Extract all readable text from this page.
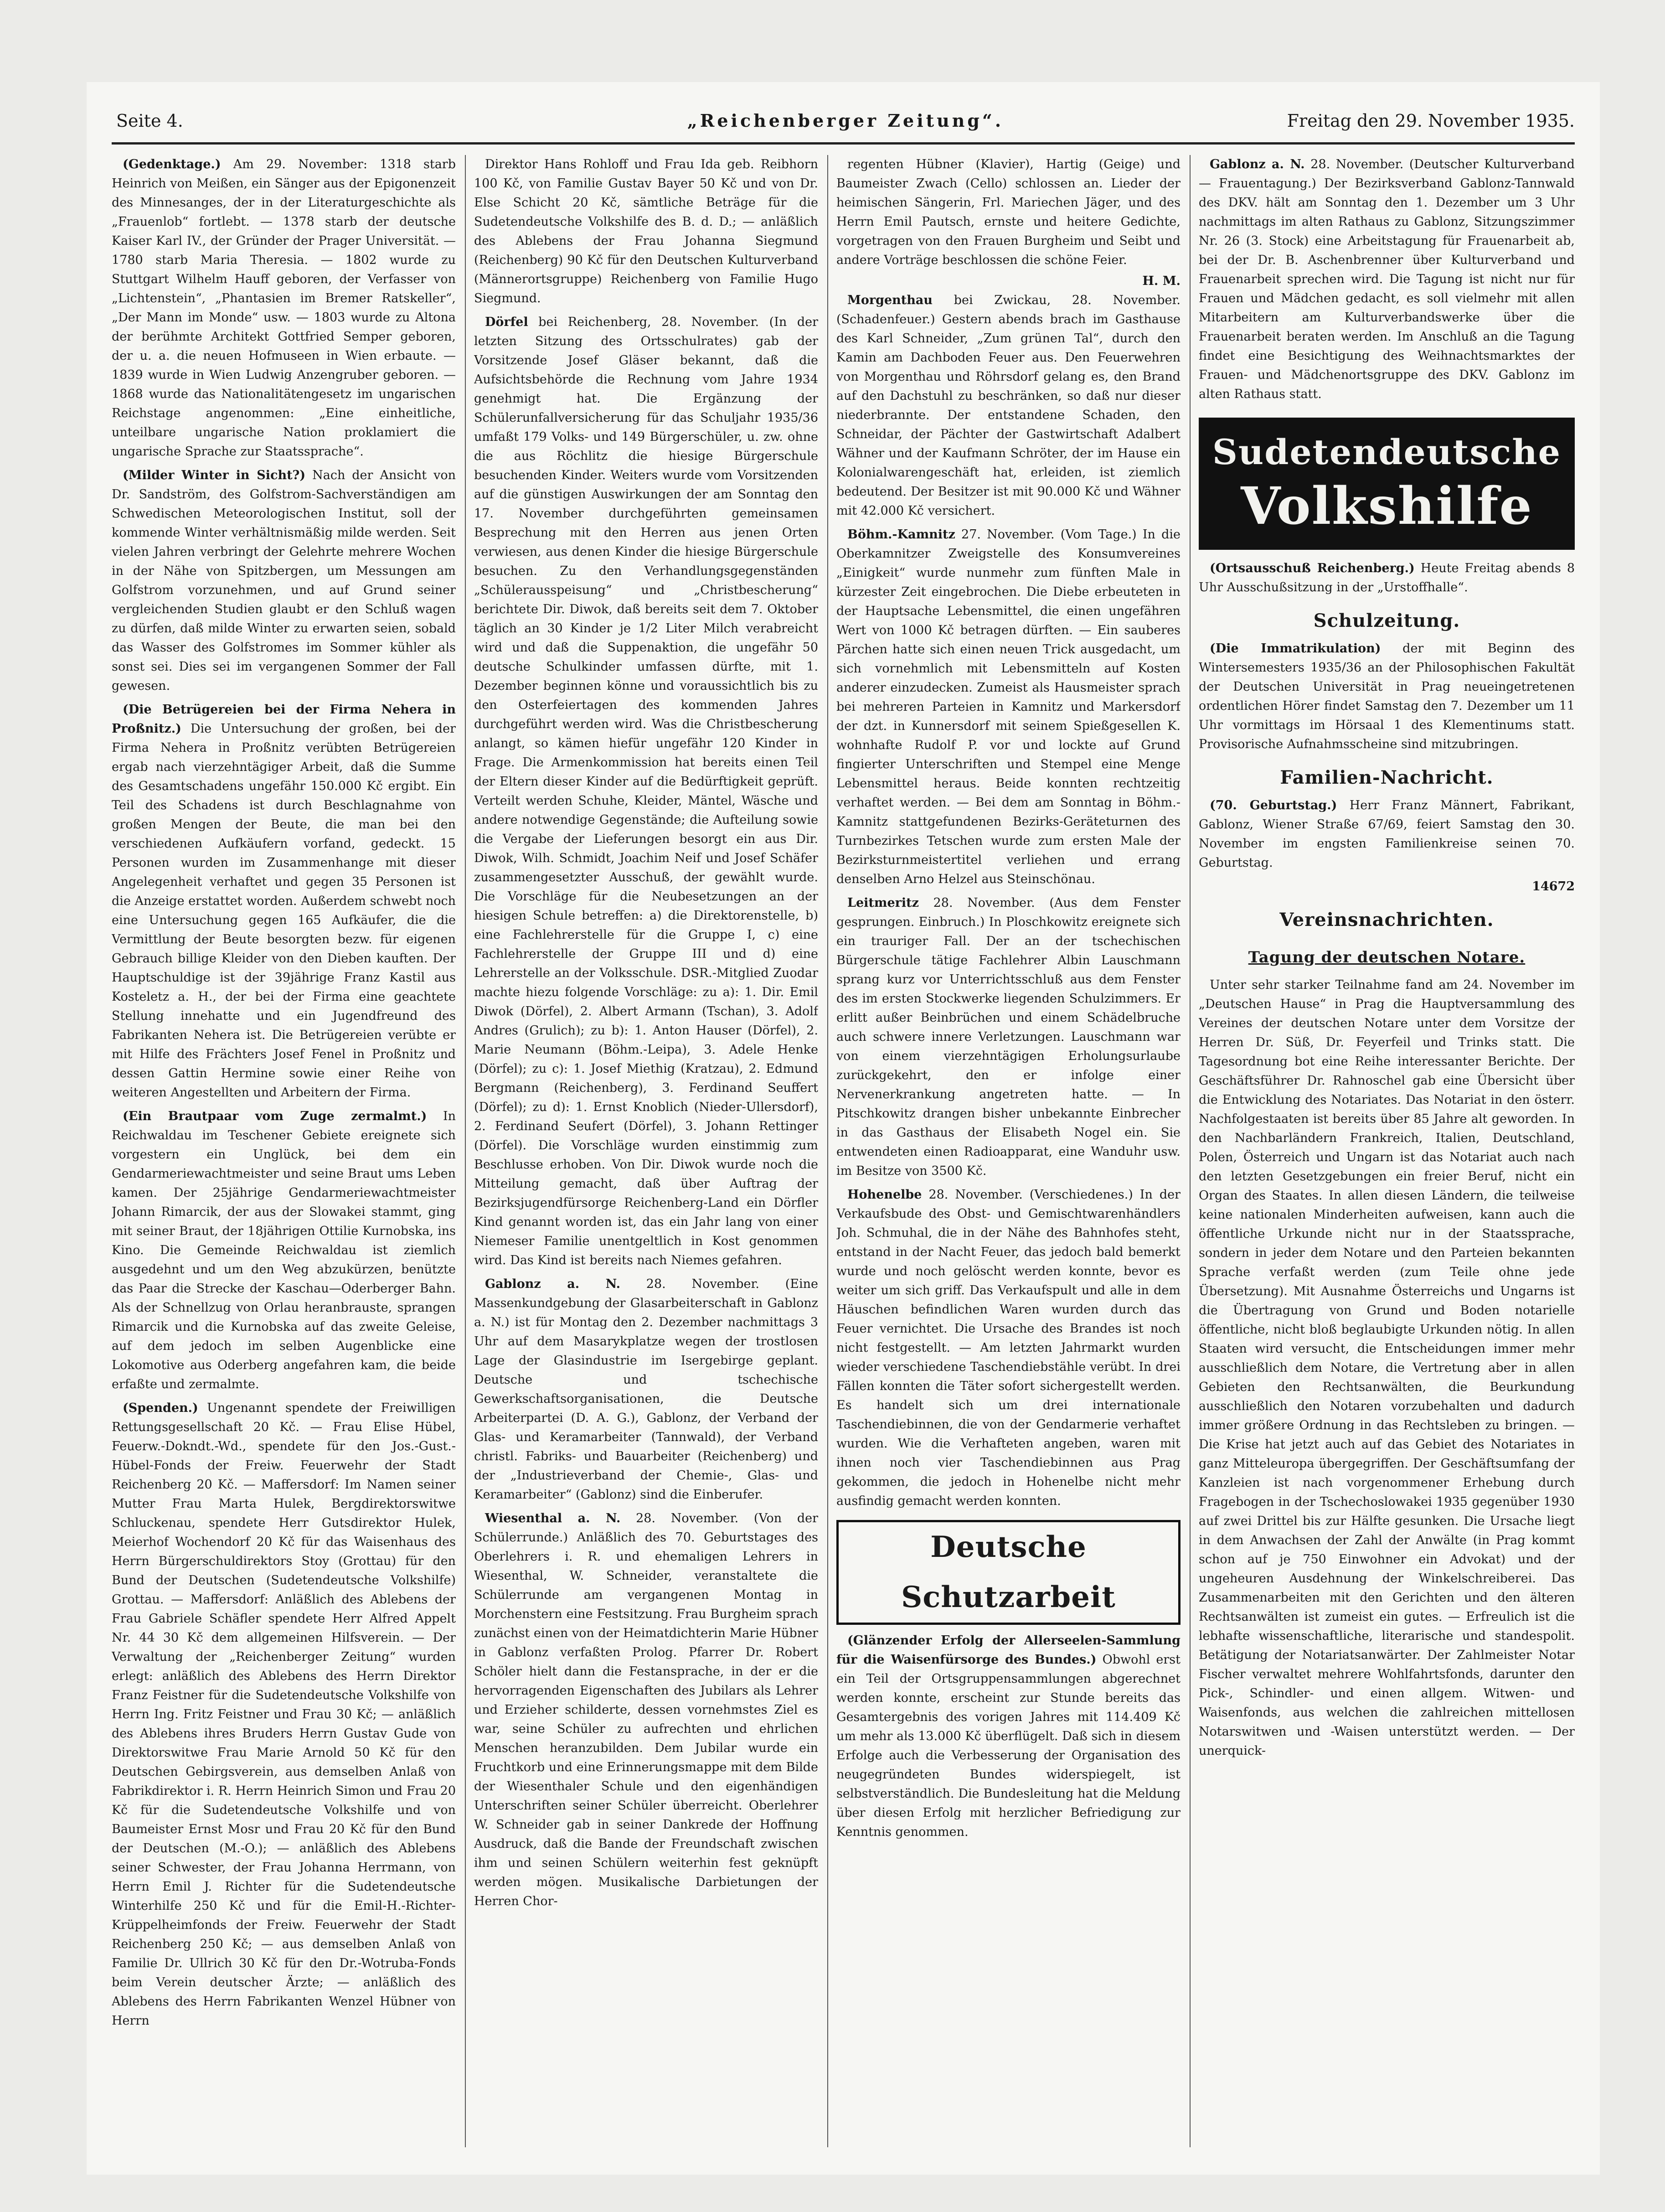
Seite 4.	„Reichenberger Zeitung“.	Freitag den 29. November 1935.

(Gedenktage.) Am 29. November: 1318 starb Heinrich von Meißen, ein Sänger aus der Epigonenzeit des Minnesanges, der in der Literaturgeschichte als „Frauenlob“ fortlebt. — 1378 starb der deutsche Kaiser Karl IV., der Gründer der Prager Universität. — 1780 starb Maria Theresia. — 1802 wurde zu Stuttgart Wilhelm Hauff geboren, der Verfasser von „Lichtenstein“, „Phantasien im Bremer Ratskeller“, „Der Mann im Monde“ usw. — 1803 wurde zu Altona der berühmte Architekt Gottfried Semper geboren, der u. a. die neuen Hofmuseen in Wien erbaute. — 1839 wurde in Wien Ludwig Anzengruber geboren. — 1868 wurde das Nationalitätengesetz im ungarischen Reichstage angenommen: „Eine einheitliche, unteilbare ungarische Nation proklamiert die ungarische Sprache zur Staatssprache“.

(Milder Winter in Sicht?) Nach der Ansicht von Dr. Sandström, des Golfstrom-Sachverständigen am Schwedischen Meteorologischen Institut, soll der kommende Winter verhältnismäßig milde werden. Seit vielen Jahren verbringt der Gelehrte mehrere Wochen in der Nähe von Spitzbergen, um Messungen am Golfstrom vorzunehmen, und auf Grund seiner vergleichenden Studien glaubt er den Schluß wagen zu dürfen, daß milde Winter zu erwarten seien, sobald das Wasser des Golfstromes im Sommer kühler als sonst sei. Dies sei im vergangenen Sommer der Fall gewesen.

(Die Betrügereien bei der Firma Nehera in Proßnitz.) Die Untersuchung der großen, bei der Firma Nehera in Proßnitz verübten Betrügereien ergab nach vierzehntägiger Arbeit, daß die Summe des Gesamtschadens ungefähr 150.000 Kč ergibt. Ein Teil des Schadens ist durch Beschlagnahme von großen Mengen der Beute, die man bei den verschiedenen Aufkäufern vorfand, gedeckt. 15 Personen wurden im Zusammenhange mit dieser Angelegenheit verhaftet und gegen 35 Personen ist die Anzeige erstattet worden. Außerdem schwebt noch eine Untersuchung gegen 165 Aufkäufer, die die Vermittlung der Beute besorgten bezw. für eigenen Gebrauch billige Kleider von den Dieben kauften. Der Hauptschuldige ist der 39jährige Franz Kastil aus Kosteletz a. H., der bei der Firma eine geachtete Stellung innehatte und ein Jugendfreund des Fabrikanten Nehera ist. Die Betrügereien verübte er mit Hilfe des Frächters Josef Fenel in Proßnitz und dessen Gattin Hermine sowie einer Reihe von weiteren Angestellten und Arbeitern der Firma.

(Ein Brautpaar vom Zuge zermalmt.) In Reichwaldau im Teschener Gebiete ereignete sich vorgestern ein Unglück, bei dem ein Gendarmeriewachtmeister und seine Braut ums Leben kamen. Der 25jährige Gendarmeriewachtmeister Johann Rimarcik, der aus der Slowakei stammt, ging mit seiner Braut, der 18jährigen Ottilie Kurnobska, ins Kino. Die Gemeinde Reichwaldau ist ziemlich ausgedehnt und um den Weg abzukürzen, benützte das Paar die Strecke der Kaschau—Oderberger Bahn. Als der Schnellzug von Orlau heranbrauste, sprangen Rimarcik und die Kurnobska auf das zweite Geleise, auf dem jedoch im selben Augenblicke eine Lokomotive aus Oderberg angefahren kam, die beide erfaßte und zermalmte.

(Spenden.) Ungenannt spendete der Freiwilligen Rettungsgesellschaft 20 Kč. — Frau Elise Hübel, Feuerw.-Dokndt.-Wd., spendete für den Jos.-Gust.-Hübel-Fonds der Freiw. Feuerwehr der Stadt Reichenberg 20 Kč. — Maffersdorf: Im Namen seiner Mutter Frau Marta Hulek, Bergdirektorswitwe Schluckenau, spendete Herr Gutsdirektor Hulek, Meierhof Wochendorf 20 Kč für das Waisenhaus des Herrn Bürgerschuldirektors Stoy (Grottau) für den Bund der Deutschen (Sudetendeutsche Volkshilfe) Grottau. — Maffersdorf: Anläßlich des Ablebens der Frau Gabriele Schäfler spendete Herr Alfred Appelt Nr. 44 30 Kč dem allgemeinen Hilfsverein. — Der Verwaltung der „Reichenberger Zeitung“ wurden erlegt: anläßlich des Ablebens des Herrn Direktor Franz Feistner für die Sudetendeutsche Volkshilfe von Herrn Ing. Fritz Feistner und Frau 30 Kč; — anläßlich des Ablebens ihres Bruders Herrn Gustav Gude von Direktorswitwe Frau Marie Arnold 50 Kč für den Deutschen Gebirgsverein, aus demselben Anlaß von Fabrikdirektor i. R. Herrn Heinrich Simon und Frau 20 Kč für die Sudetendeutsche Volkshilfe und von Baumeister Ernst Mosr und Frau 20 Kč für den Bund der Deutschen (M.-O.); — anläßlich des Ablebens seiner Schwester, der Frau Johanna Herrmann, von Herrn Emil J. Richter für die Sudetendeutsche Winterhilfe 250 Kč und für die Emil-H.-Richter-Krüppelheimfonds der Freiw. Feuerwehr der Stadt Reichenberg 250 Kč; — aus demselben Anlaß von Familie Dr. Ullrich 30 Kč für den Dr.-Wotruba-Fonds beim Verein deutscher Ärzte; — anläßlich des Ablebens des Herrn Fabrikanten Wenzel Hübner von Herrn

Direktor Hans Rohloff und Frau Ida geb. Reibhorn 100 Kč, von Familie Gustav Bayer 50 Kč und von Dr. Else Schicht 20 Kč, sämtliche Beträge für die Sudetendeutsche Volkshilfe des B. d. D.; — anläßlich des Ablebens der Frau Johanna Siegmund (Reichenberg) 90 Kč für den Deutschen Kulturverband (Männerortsgruppe) Reichenberg von Familie Hugo Siegmund.

Dörfel bei Reichenberg, 28. November. (In der letzten Sitzung des Ortsschulrates) gab der Vorsitzende Josef Gläser bekannt, daß die Aufsichtsbehörde die Rechnung vom Jahre 1934 genehmigt hat. Die Ergänzung der Schülerunfallversicherung für das Schuljahr 1935/36 umfaßt 179 Volks- und 149 Bürgerschüler, u. zw. ohne die aus Röchlitz die hiesige Bürgerschule besuchenden Kinder. Weiters wurde vom Vorsitzenden auf die günstigen Auswirkungen der am Sonntag den 17. November durchgeführten gemeinsamen Besprechung mit den Herren aus jenen Orten verwiesen, aus denen Kinder die hiesige Bürgerschule besuchen. Zu den Verhandlungsgegenständen „Schülerausspeisung“ und „Christbescherung“ berichtete Dir. Diwok, daß bereits seit dem 7. Oktober täglich an 30 Kinder je 1/2 Liter Milch verabreicht wird und daß die Suppenaktion, die ungefähr 50 deutsche Schulkinder umfassen dürfte, mit 1. Dezember beginnen könne und voraussichtlich bis zu den Osterfeiertagen des kommenden Jahres durchgeführt werden wird. Was die Christbescherung anlangt, so kämen hiefür ungefähr 120 Kinder in Frage. Die Armenkommission hat bereits einen Teil der Eltern dieser Kinder auf die Bedürftigkeit geprüft. Verteilt werden Schuhe, Kleider, Mäntel, Wäsche und andere notwendige Gegenstände; die Aufteilung sowie die Vergabe der Lieferungen besorgt ein aus Dir. Diwok, Wilh. Schmidt, Joachim Neif und Josef Schäfer zusammengesetzter Ausschuß, der gewählt wurde. Die Vorschläge für die Neubesetzungen an der hiesigen Schule betreffen: a) die Direktorenstelle, b) eine Fachlehrerstelle für die Gruppe I, c) eine Fachlehrerstelle der Gruppe III und d) eine Lehrerstelle an der Volksschule. DSR.-Mitglied Zuodar machte hiezu folgende Vorschläge: zu a): 1. Dir. Emil Diwok (Dörfel), 2. Albert Armann (Tschan), 3. Adolf Andres (Grulich); zu b): 1. Anton Hauser (Dörfel), 2. Marie Neumann (Böhm.-Leipa), 3. Adele Henke (Dörfel); zu c): 1. Josef Miethig (Kratzau), 2. Edmund Bergmann (Reichenberg), 3. Ferdinand Seuffert (Dörfel); zu d): 1. Ernst Knoblich (Nieder-Ullersdorf), 2. Ferdinand Seufert (Dörfel), 3. Johann Rettinger (Dörfel). Die Vorschläge wurden einstimmig zum Beschlusse erhoben. Von Dir. Diwok wurde noch die Mitteilung gemacht, daß über Auftrag der Bezirksjugendfürsorge Reichenberg-Land ein Dörfler Kind genannt worden ist, das ein Jahr lang von einer Niemeser Familie unentgeltlich in Kost genommen wird. Das Kind ist bereits nach Niemes gefahren.

Gablonz a. N. 28. November. (Eine Massenkundgebung der Glasarbeiterschaft in Gablonz a. N.) ist für Montag den 2. Dezember nachmittags 3 Uhr auf dem Masarykplatze wegen der trostlosen Lage der Glasindustrie im Isergebirge geplant. Deutsche und tschechische Gewerkschaftsorganisationen, die Deutsche Arbeiterpartei (D. A. G.), Gablonz, der Verband der Glas- und Keramarbeiter (Tannwald), der Verband christl. Fabriks- und Bauarbeiter (Reichenberg) und der „Industrieverband der Chemie-, Glas- und Keramarbeiter“ (Gablonz) sind die Einberufer.

Wiesenthal a. N. 28. November. (Von der Schülerrunde.) Anläßlich des 70. Geburtstages des Oberlehrers i. R. und ehemaligen Lehrers in Wiesenthal, W. Schneider, veranstaltete die Schülerrunde am vergangenen Montag in Morchenstern eine Festsitzung. Frau Burgheim sprach zunächst einen von der Heimatdichterin Marie Hübner in Gablonz verfaßten Prolog. Pfarrer Dr. Robert Schöler hielt dann die Festansprache, in der er die hervorragenden Eigenschaften des Jubilars als Lehrer und Erzieher schilderte, dessen vornehmstes Ziel es war, seine Schüler zu aufrechten und ehrlichen Menschen heranzubilden. Dem Jubilar wurde ein Fruchtkorb und eine Erinnerungsmappe mit dem Bilde der Wiesenthaler Schule und den eigenhändigen Unterschriften seiner Schüler überreicht. Oberlehrer W. Schneider gab in seiner Dankrede der Hoffnung Ausdruck, daß die Bande der Freundschaft zwischen ihm und seinen Schülern weiterhin fest geknüpft werden mögen. Musikalische Darbietungen der Herren Chor-

regenten Hübner (Klavier), Hartig (Geige) und Baumeister Zwach (Cello) schlossen an. Lieder der heimischen Sängerin, Frl. Mariechen Jäger, und des Herrn Emil Pautsch, ernste und heitere Gedichte, vorgetragen von den Frauen Burgheim und Seibt und andere Vorträge beschlossen die schöne Feier.

H. M.

Morgenthau bei Zwickau, 28. November. (Schadenfeuer.) Gestern abends brach im Gasthause des Karl Schneider, „Zum grünen Tal“, durch den Kamin am Dachboden Feuer aus. Den Feuerwehren von Morgenthau und Röhrsdorf gelang es, den Brand auf den Dachstuhl zu beschränken, so daß nur dieser niederbrannte. Der entstandene Schaden, den Schneidar, der Pächter der Gastwirtschaft Adalbert Wähner und der Kaufmann Schröter, der im Hause ein Kolonialwarengeschäft hat, erleiden, ist ziemlich bedeutend. Der Besitzer ist mit 90.000 Kč und Wähner mit 42.000 Kč versichert.

Böhm.-Kamnitz 27. November. (Vom Tage.) In die Oberkamnitzer Zweigstelle des Konsumvereines „Einigkeit“ wurde nunmehr zum fünften Male in kürzester Zeit eingebrochen. Die Diebe erbeuteten in der Hauptsache Lebensmittel, die einen ungefähren Wert von 1000 Kč betragen dürften. — Ein sauberes Pärchen hatte sich einen neuen Trick ausgedacht, um sich vornehmlich mit Lebensmitteln auf Kosten anderer einzudecken. Zumeist als Hausmeister sprach bei mehreren Parteien in Kamnitz und Markersdorf der dzt. in Kunnersdorf mit seinem Spießgesellen K. wohnhafte Rudolf P. vor und lockte auf Grund fingierter Unterschriften und Stempel eine Menge Lebensmittel heraus. Beide konnten rechtzeitig verhaftet werden. — Bei dem am Sonntag in Böhm.-Kamnitz stattgefundenen Bezirks-Geräteturnen des Turnbezirkes Tetschen wurde zum ersten Male der Bezirksturnmeistertitel verliehen und errang denselben Arno Helzel aus Steinschönau.

Leitmeritz 28. November. (Aus dem Fenster gesprungen. Einbruch.) In Ploschkowitz ereignete sich ein trauriger Fall. Der an der tschechischen Bürgerschule tätige Fachlehrer Albin Lauschmann sprang kurz vor Unterrichtsschluß aus dem Fenster des im ersten Stockwerke liegenden Schulzimmers. Er erlitt außer Beinbrüchen und einem Schädelbruche auch schwere innere Verletzungen. Lauschmann war von einem vierzehntägigen Erholungsurlaube zurückgekehrt, den er infolge einer Nervenerkrankung angetreten hatte. — In Pitschkowitz drangen bisher unbekannte Einbrecher in das Gasthaus der Elisabeth Nogel ein. Sie entwendeten einen Radioapparat, eine Wanduhr usw. im Besitze von 3500 Kč.

Hohenelbe 28. November. (Verschiedenes.) In der Verkaufsbude des Obst- und Gemischtwarenhändlers Joh. Schmuhal, die in der Nähe des Bahnhofes steht, entstand in der Nacht Feuer, das jedoch bald bemerkt wurde und noch gelöscht werden konnte, bevor es weiter um sich griff. Das Verkaufspult und alle in dem Häuschen befindlichen Waren wurden durch das Feuer vernichtet. Die Ursache des Brandes ist noch nicht festgestellt. — Am letzten Jahrmarkt wurden wieder verschiedene Taschendiebstähle verübt. In drei Fällen konnten die Täter sofort sichergestellt werden. Es handelt sich um drei internationale Taschendiebinnen, die von der Gendarmerie verhaftet wurden. Wie die Verhafteten angeben, waren mit ihnen noch vier Taschendiebinnen aus Prag gekommen, die jedoch in Hohenelbe nicht mehr ausfindig gemacht werden konnten.

Deutsche Schutzarbeit

(Glänzender Erfolg der Allerseelen-Sammlung für die Waisenfürsorge des Bundes.) Obwohl erst ein Teil der Ortsgruppensammlungen abgerechnet werden konnte, erscheint zur Stunde bereits das Gesamtergebnis des vorigen Jahres mit 114.409 Kč um mehr als 13.000 Kč überflügelt. Daß sich in diesem Erfolge auch die Verbesserung der Organisation des neugegründeten Bundes widerspiegelt, ist selbstverständlich. Die Bundesleitung hat die Meldung über diesen Erfolg mit herzlicher Befriedigung zur Kenntnis genommen.

Gablonz a. N. 28. November. (Deutscher Kulturverband — Frauentagung.) Der Bezirksverband Gablonz-Tannwald des DKV. hält am Sonntag den 1. Dezember um 3 Uhr nachmittags im alten Rathaus zu Gablonz, Sitzungszimmer Nr. 26 (3. Stock) eine Arbeitstagung für Frauenarbeit ab, bei der Dr. B. Aschenbrenner über Kulturverband und Frauenarbeit sprechen wird. Die Tagung ist nicht nur für Frauen und Mädchen gedacht, es soll vielmehr mit allen Mitarbeitern am Kulturverbandswerke über die Frauenarbeit beraten werden. Im Anschluß an die Tagung findet eine Besichtigung des Weihnachtsmarktes der Frauen- und Mädchenortsgruppe des DKV. Gablonz im alten Rathaus statt.

Sudetendeutsche
Volkshilfe

(Ortsausschuß Reichenberg.) Heute Freitag abends 8 Uhr Ausschußsitzung in der „Urstoffhalle“.

Schulzeitung.

(Die Immatrikulation) der mit Beginn des Wintersemesters 1935/36 an der Philosophischen Fakultät der Deutschen Universität in Prag neueingetretenen ordentlichen Hörer findet Samstag den 7. Dezember um 11 Uhr vormittags im Hörsaal 1 des Klementinums statt. Provisorische Aufnahmsscheine sind mitzubringen.

Familien-Nachricht.

(70. Geburtstag.) Herr Franz Männert, Fabrikant, Gablonz, Wiener Straße 67/69, feiert Samstag den 30. November im engsten Familienkreise seinen 70. Geburtstag.

14672
Vereinsnachrichten.
Tagung der deutschen Notare.

Unter sehr starker Teilnahme fand am 24. November im „Deutschen Hause“ in Prag die Hauptversammlung des Vereines der deutschen Notare unter dem Vorsitze der Herren Dr. Süß, Dr. Feyerfeil und Trinks statt. Die Tagesordnung bot eine Reihe interessanter Berichte. Der Geschäftsführer Dr. Rahnoschel gab eine Übersicht über die Entwicklung des Notariates. Das Notariat in den österr. Nachfolgestaaten ist bereits über 85 Jahre alt geworden. In den Nachbarländern Frankreich, Italien, Deutschland, Polen, Österreich und Ungarn ist das Notariat auch nach den letzten Gesetzgebungen ein freier Beruf, nicht ein Organ des Staates. In allen diesen Ländern, die teilweise keine nationalen Minderheiten aufweisen, kann auch die öffentliche Urkunde nicht nur in der Staatssprache, sondern in jeder dem Notare und den Parteien bekannten Sprache verfaßt werden (zum Teile ohne jede Übersetzung). Mit Ausnahme Österreichs und Ungarns ist die Übertragung von Grund und Boden notarielle öffentliche, nicht bloß beglaubigte Urkunden nötig. In allen Staaten wird versucht, die Entscheidungen immer mehr ausschließlich dem Notare, die Vertretung aber in allen Gebieten den Rechtsanwälten, die Beurkundung ausschließlich den Notaren vorzubehalten und dadurch immer größere Ordnung in das Rechtsleben zu bringen. — Die Krise hat jetzt auch auf das Gebiet des Notariates in ganz Mitteleuropa übergegriffen. Der Geschäftsumfang der Kanzleien ist nach vorgenommener Erhebung durch Fragebogen in der Tschechoslowakei 1935 gegenüber 1930 auf zwei Drittel bis zur Hälfte gesunken. Die Ursache liegt in dem Anwachsen der Zahl der Anwälte (in Prag kommt schon auf je 750 Einwohner ein Advokat) und der ungeheuren Ausdehnung der Winkelschreiberei. Das Zusammenarbeiten mit den Gerichten und den älteren Rechtsanwälten ist zumeist ein gutes. — Erfreulich ist die lebhafte wissenschaftliche, literarische und standespolit. Betätigung der Notariatsanwärter. Der Zahlmeister Notar Fischer verwaltet mehrere Wohlfahrtsfonds, darunter den Pick-, Schindler- und einen allgem. Witwen- und Waisenfonds, aus welchen die zahlreichen mittellosen Notarswitwen und -Waisen unterstützt werden. — Der unerquick-
